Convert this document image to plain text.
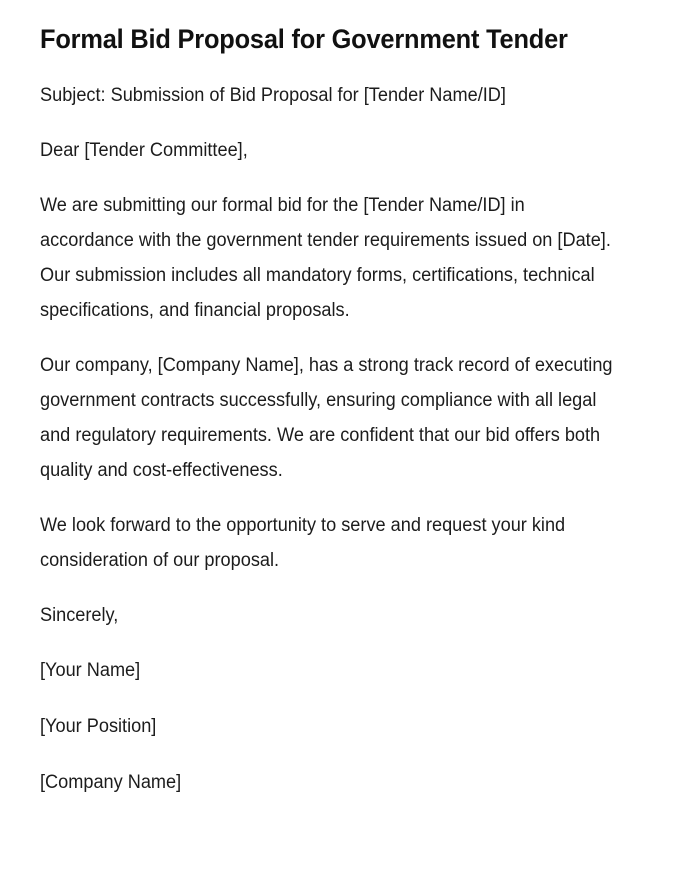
Formal Bid Proposal for Government Tender

Subject: Submission of Bid Proposal for [Tender Name/ID]

Dear [Tender Committee],

We are submitting our formal bid for the [Tender Name/ID] in accordance with the government tender requirements issued on [Date]. Our submission includes all mandatory forms, certifications, technical specifications, and financial proposals.

Our company, [Company Name], has a strong track record of executing government contracts successfully, ensuring compliance with all legal and regulatory requirements. We are confident that our bid offers both quality and cost-effectiveness.

We look forward to the opportunity to serve and request your kind consideration of our proposal.

Sincerely,

[Your Name]

[Your Position]

[Company Name]
